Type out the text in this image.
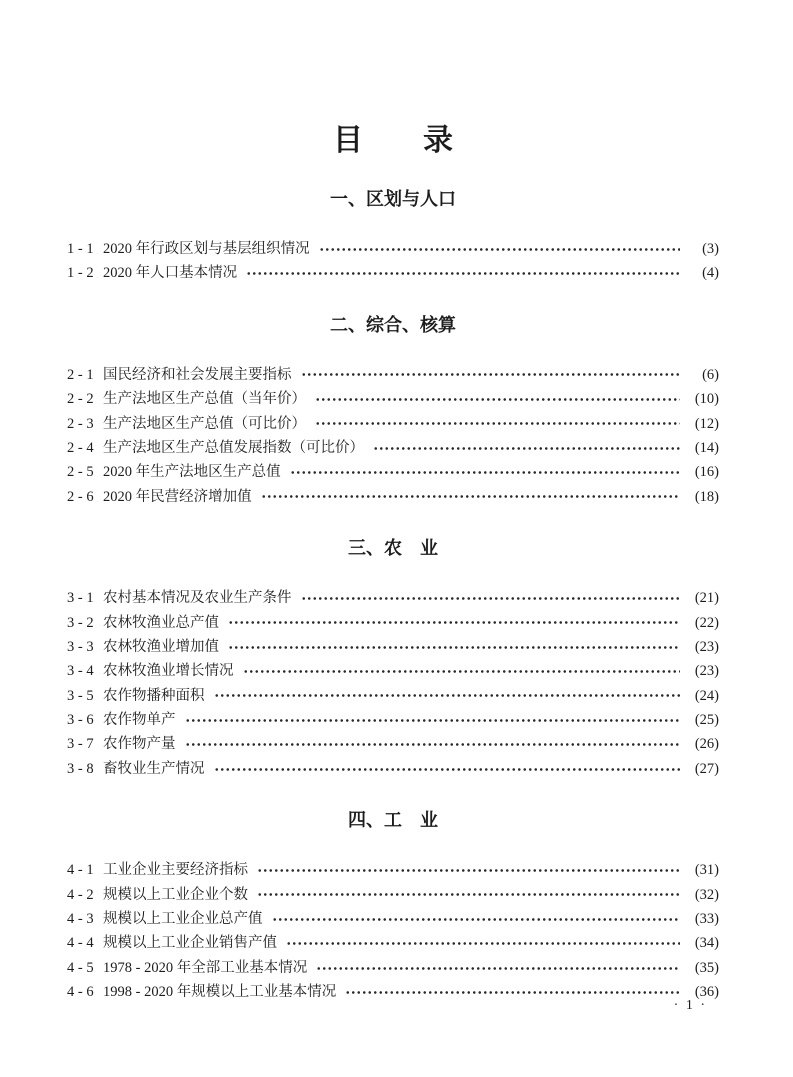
目　　录
一、区划与人口
1 - 1 2020 年行政区划与基层组织情况	(3)
1 - 2 2020 年人口基本情况	(4)
二、综合、核算
2 - 1 国民经济和社会发展主要指标	(6)
2 - 2 生产法地区生产总值（当年价）	(10)
2 - 3 生产法地区生产总值（可比价）	(12)
2 - 4 生产法地区生产总值发展指数（可比价）	(14)
2 - 5 2020 年生产法地区生产总值	(16)
2 - 6 2020 年民营经济增加值	(18)
三、农　业
3 - 1 农村基本情况及农业生产条件	(21)
3 - 2 农林牧渔业总产值	(22)
3 - 3 农林牧渔业增加值	(23)
3 - 4 农林牧渔业增长情况	(23)
3 - 5 农作物播种面积	(24)
3 - 6 农作物单产	(25)
3 - 7 农作物产量	(26)
3 - 8 畜牧业生产情况	(27)
四、工　业
4 - 1 工业企业主要经济指标	(31)
4 - 2 规模以上工业企业个数	(32)
4 - 3 规模以上工业企业总产值	(33)
4 - 4 规模以上工业企业销售产值	(34)
4 - 5 1978 - 2020 年全部工业基本情况	(35)
4 - 6 1998 - 2020 年规模以上工业基本情况	(36)
· 1 ·
